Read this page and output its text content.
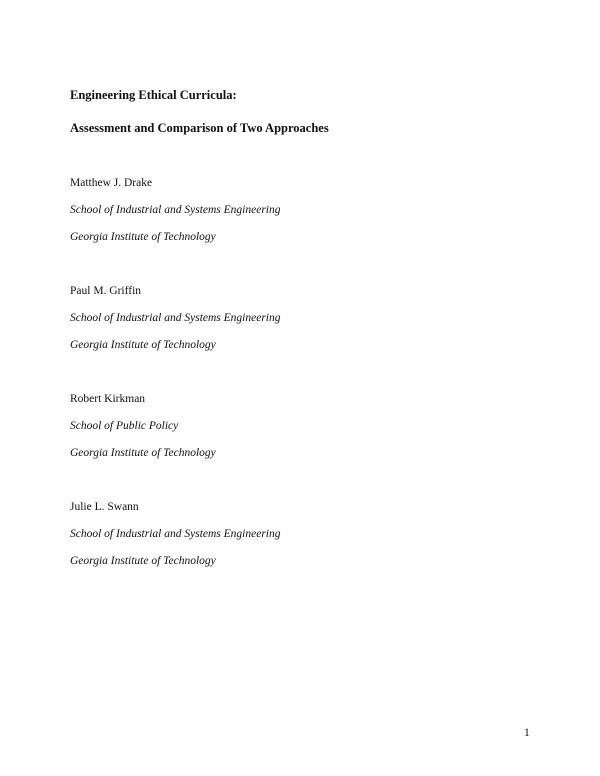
Engineering Ethical Curricula:
Assessment and Comparison of Two Approaches
Matthew J. Drake
School of Industrial and Systems Engineering
Georgia Institute of Technology
Paul M. Griffin
School of Industrial and Systems Engineering
Georgia Institute of Technology
Robert Kirkman
School of Public Policy
Georgia Institute of Technology
Julie L. Swann
School of Industrial and Systems Engineering
Georgia Institute of Technology
1
